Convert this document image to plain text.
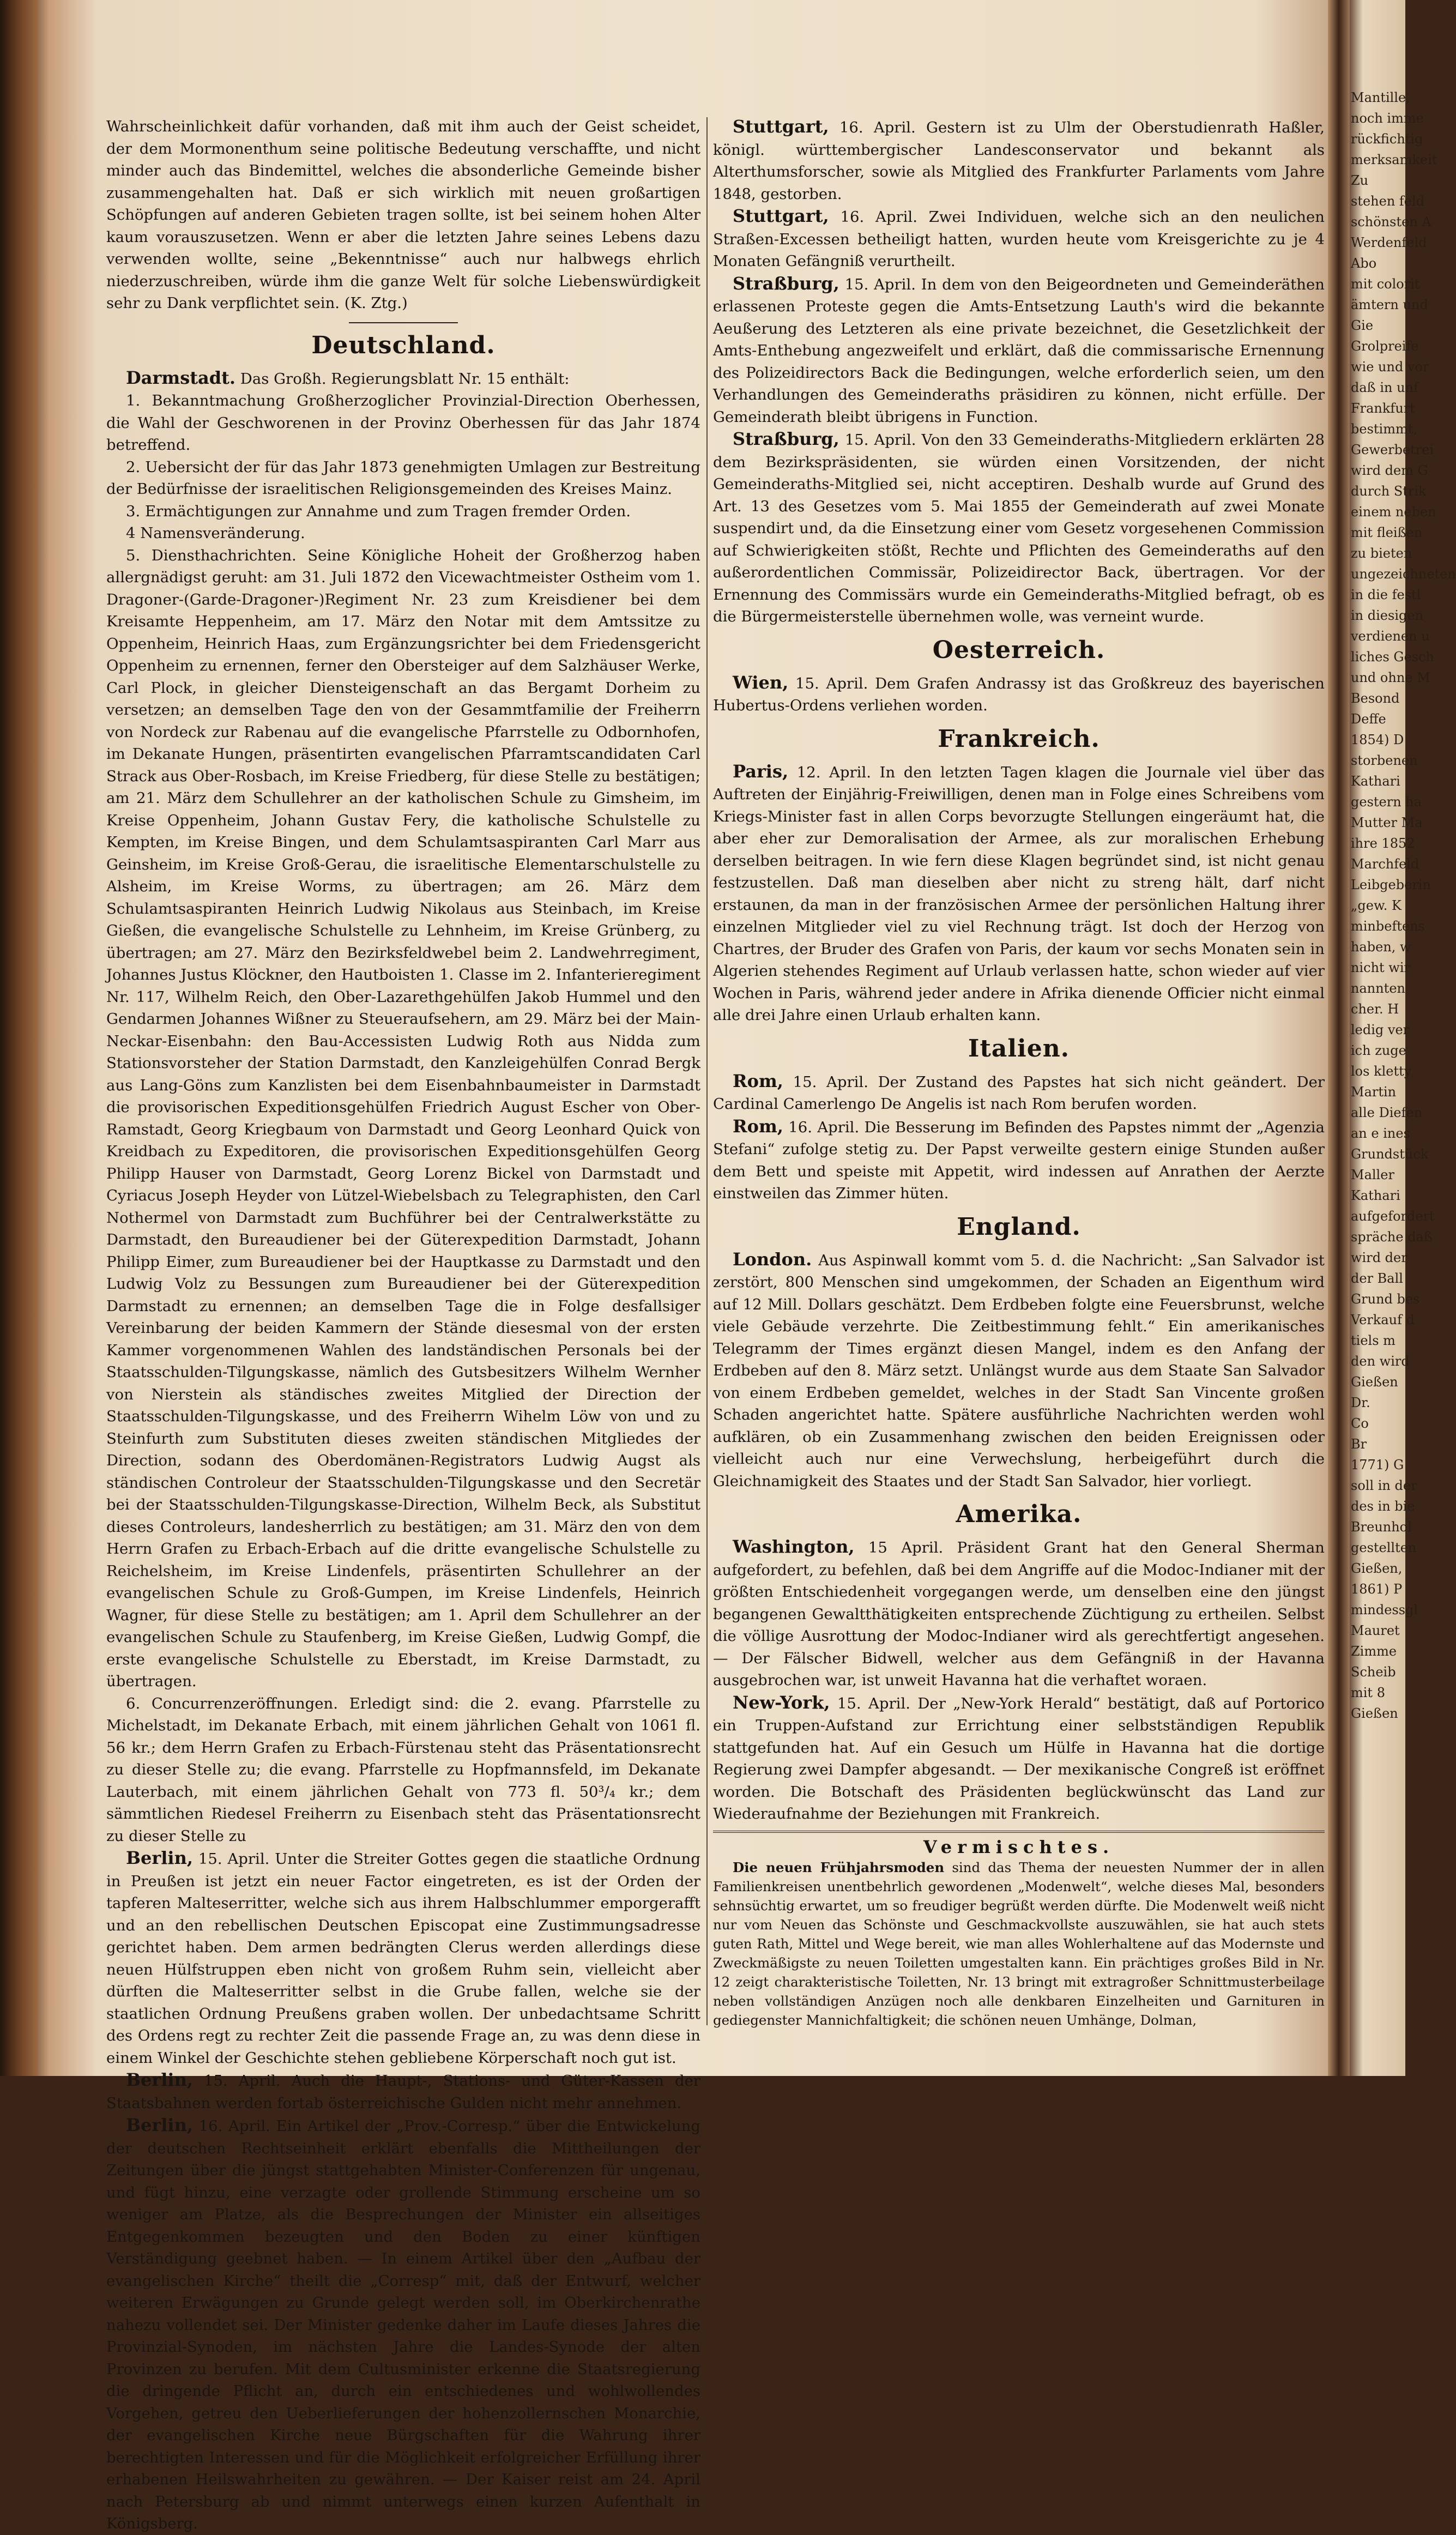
Wahrscheinlichkeit dafür vorhanden, daß mit ihm auch der Geist scheidet, der dem Mormonenthum seine politische Bedeutung verschaffte, und nicht minder auch das Bindemittel, welches die absonderliche Gemeinde bisher zusammengehalten hat. Daß er sich wirklich mit neuen großartigen Schöpfungen auf anderen Gebieten tragen sollte, ist bei seinem hohen Alter kaum vorauszusetzen. Wenn er aber die letzten Jahre seines Lebens dazu verwenden wollte, seine „Bekenntnisse“ auch nur halbwegs ehrlich niederzuschreiben, würde ihm die ganze Welt für solche Liebenswürdigkeit sehr zu Dank verpflichtet sein. (K. Ztg.)

Deutschland.

Darmstadt. Das Großh. Regierungsblatt Nr. 15 enthält:

1. Bekanntmachung Großherzoglicher Provinzial-Direction Oberhessen, die Wahl der Geschworenen in der Provinz Oberhessen für das Jahr 1874 betreffend.

2. Uebersicht der für das Jahr 1873 genehmigten Umlagen zur Bestreitung der Bedürfnisse der israelitischen Religionsgemeinden des Kreises Mainz.

3. Ermächtigungen zur Annahme und zum Tragen fremder Orden.

4 Namensveränderung.

5. Diensthachrichten. Seine Königliche Hoheit der Großherzog haben allergnädigst geruht: am 31. Juli 1872 den Vicewachtmeister Ostheim vom 1. Dragoner-(Garde-Dragoner-)Regiment Nr. 23 zum Kreisdiener bei dem Kreisamte Heppenheim, am 17. März den Notar mit dem Amtssitze zu Oppenheim, Heinrich Haas, zum Ergänzungsrichter bei dem Friedensgericht Oppenheim zu ernennen, ferner den Obersteiger auf dem Salzhäuser Werke, Carl Plock, in gleicher Diensteigenschaft an das Bergamt Dorheim zu versetzen; an demselben Tage den von der Gesammtfamilie der Freiherrn von Nordeck zur Rabenau auf die evangelische Pfarrstelle zu Odbornhofen, im Dekanate Hungen, präsentirten evangelischen Pfarramtscandidaten Carl Strack aus Ober-Rosbach, im Kreise Friedberg, für diese Stelle zu bestätigen; am 21. März dem Schullehrer an der katholischen Schule zu Gimsheim, im Kreise Oppenheim, Johann Gustav Fery, die katholische Schulstelle zu Kempten, im Kreise Bingen, und dem Schulamtsaspiranten Carl Marr aus Geinsheim, im Kreise Groß-Gerau, die israelitische Elementarschulstelle zu Alsheim, im Kreise Worms, zu übertragen; am 26. März dem Schulamtsaspiranten Heinrich Ludwig Nikolaus aus Steinbach, im Kreise Gießen, die evangelische Schulstelle zu Lehnheim, im Kreise Grünberg, zu übertragen; am 27. März den Bezirksfeldwebel beim 2. Landwehrregiment, Johannes Justus Klöckner, den Hautboisten 1. Classe im 2. Infanterieregiment Nr. 117, Wilhelm Reich, den Ober-Lazarethgehülfen Jakob Hummel und den Gendarmen Johannes Wißner zu Steueraufsehern, am 29. März bei der Main-Neckar-Eisenbahn: den Bau-Accessisten Ludwig Roth aus Nidda zum Stationsvorsteher der Station Darmstadt, den Kanzleigehülfen Conrad Bergk aus Lang-Göns zum Kanzlisten bei dem Eisenbahnbaumeister in Darmstadt die provisorischen Expeditionsgehülfen Friedrich August Escher von Ober-Ramstadt, Georg Kriegbaum von Darmstadt und Georg Leonhard Quick von Kreidbach zu Expeditoren, die provisorischen Expeditionsgehülfen Georg Philipp Hauser von Darmstadt, Georg Lorenz Bickel von Darmstadt und Cyriacus Joseph Heyder von Lützel-Wiebelsbach zu Telegraphisten, den Carl Nothermel von Darmstadt zum Buchführer bei der Centralwerkstätte zu Darmstadt, den Bureaudiener bei der Güterexpedition Darmstadt, Johann Philipp Eimer, zum Bureaudiener bei der Hauptkasse zu Darmstadt und den Ludwig Volz zu Bessungen zum Bureaudiener bei der Güterexpedition Darmstadt zu ernennen; an demselben Tage die in Folge desfallsiger Vereinbarung der beiden Kammern der Stände diesesmal von der ersten Kammer vorgenommenen Wahlen des landständischen Personals bei der Staatsschulden-Tilgungskasse, nämlich des Gutsbesitzers Wilhelm Wernher von Nierstein als ständisches zweites Mitglied der Direction der Staatsschulden-Tilgungskasse, und des Freiherrn Wihelm Löw von und zu Steinfurth zum Substituten dieses zweiten ständischen Mitgliedes der Direction, sodann des Oberdomänen-Registrators Ludwig Augst als ständischen Controleur der Staatsschulden-Tilgungskasse und den Secretär bei der Staatsschulden-Tilgungskasse-Direction, Wilhelm Beck, als Substitut dieses Controleurs, landesherrlich zu bestätigen; am 31. März den von dem Herrn Grafen zu Erbach-Erbach auf die dritte evangelische Schulstelle zu Reichelsheim, im Kreise Lindenfels, präsentirten Schullehrer an der evangelischen Schule zu Groß-Gumpen, im Kreise Lindenfels, Heinrich Wagner, für diese Stelle zu bestätigen; am 1. April dem Schullehrer an der evangelischen Schule zu Staufenberg, im Kreise Gießen, Ludwig Gompf, die erste evangelische Schulstelle zu Eberstadt, im Kreise Darmstadt, zu übertragen.

6. Concurrenzeröffnungen. Erledigt sind: die 2. evang. Pfarrstelle zu Michelstadt, im Dekanate Erbach, mit einem jährlichen Gehalt von 1061 fl. 56 kr.; dem Herrn Grafen zu Erbach-Fürstenau steht das Präsentationsrecht zu dieser Stelle zu; die evang. Pfarrstelle zu Hopfmannsfeld, im Dekanate Lauterbach, mit einem jährlichen Gehalt von 773 fl. 50³/₄ kr.; dem sämmtlichen Riedesel Freiherrn zu Eisenbach steht das Präsentationsrecht zu dieser Stelle zu

Berlin, 15. April. Unter die Streiter Gottes gegen die staatliche Ordnung in Preußen ist jetzt ein neuer Factor eingetreten, es ist der Orden der tapferen Malteserritter, welche sich aus ihrem Halbschlummer emporgerafft und an den rebellischen Deutschen Episcopat eine Zustimmungsadresse gerichtet haben. Dem armen bedrängten Clerus werden allerdings diese neuen Hülfstruppen eben nicht von großem Ruhm sein, vielleicht aber dürften die Malteserritter selbst in die Grube fallen, welche sie der staatlichen Ordnung Preußens graben wollen. Der unbedachtsame Schritt des Ordens regt zu rechter Zeit die passende Frage an, zu was denn diese in einem Winkel der Geschichte stehen gebliebene Körperschaft noch gut ist.

Berlin, 15. April. Auch die Haupt-, Stations- und Güter-Kassen der Staatsbahnen werden fortab österreichische Gulden nicht mehr annehmen.

Berlin, 16. April. Ein Artikel der „Prov.-Corresp.“ über die Entwickelung der deutschen Rechtseinheit erklärt ebenfalls die Mittheilungen der Zeitungen über die jüngst stattgehabten Minister-Conferenzen für ungenau, und fügt hinzu, eine verzagte oder grollende Stimmung erscheine um so weniger am Platze, als die Besprechungen der Minister ein allseitiges Entgegenkommen bezeugten und den Boden zu einer künftigen Verständigung geebnet haben. — In einem Artikel über den „Aufbau der evangelischen Kirche“ theilt die „Corresp“ mit, daß der Entwurf, welcher weiteren Erwägungen zu Grunde gelegt werden soll, im Oberkirchenrathe nahezu vollendet sei. Der Minister gedenke daher im Laufe dieses Jahres die Provinzial-Synoden, im nächsten Jahre die Landes-Synode der alten Provinzen zu berufen. Mit dem Cultusminister erkenne die Staatsregierung die dringende Pflicht an, durch ein entschiedenes und wohlwollendes Vorgehen, getreu den Ueberlieferungen der hohenzollernschen Monarchie, der evangelischen Kirche neue Bürgschaften für die Wahrung ihrer berechtigten Interessen und für die Möglichkeit erfolgreicher Erfüllung ihrer erhabenen Heilswahrheiten zu gewähren. — Der Kaiser reist am 24. April nach Petersburg ab und nimmt unterwegs einen kurzen Aufenthalt in Königsberg.

Stuttgart, 16. April. Gestern ist zu Ulm der Oberstudienrath Haßler, königl. württembergischer Landesconservator und bekannt als Alterthumsforscher, sowie als Mitglied des Frankfurter Parlaments vom Jahre 1848, gestorben.

Stuttgart, 16. April. Zwei Individuen, welche sich an den neulichen Straßen-Excessen betheiligt hatten, wurden heute vom Kreisgerichte zu je 4 Monaten Gefängniß verurtheilt.

Straßburg, 15. April. In dem von den Beigeordneten und Gemeinderäthen erlassenen Proteste gegen die Amts-Entsetzung Lauth's wird die bekannte Aeußerung des Letzteren als eine private bezeichnet, die Gesetzlichkeit der Amts-Enthebung angezweifelt und erklärt, daß die commissarische Ernennung des Polizeidirectors Back die Bedingungen, welche erforderlich seien, um den Verhandlungen des Gemeinderaths präsidiren zu können, nicht erfülle. Der Gemeinderath bleibt übrigens in Function.

Straßburg, 15. April. Von den 33 Gemeinderaths-Mitgliedern erklärten 28 dem Bezirkspräsidenten, sie würden einen Vorsitzenden, der nicht Gemeinderaths-Mitglied sei, nicht acceptiren. Deshalb wurde auf Grund des Art. 13 des Gesetzes vom 5. Mai 1855 der Gemeinderath auf zwei Monate suspendirt und, da die Einsetzung einer vom Gesetz vorgesehenen Commission auf Schwierigkeiten stößt, Rechte und Pflichten des Gemeinderaths auf den außerordentlichen Commissär, Polizeidirector Back, übertragen. Vor der Ernennung des Commissärs wurde ein Gemeinderaths-Mitglied befragt, ob es die Bürgermeisterstelle übernehmen wolle, was verneint wurde.

Oesterreich.

Wien, 15. April. Dem Grafen Andrassy ist das Großkreuz des bayerischen Hubertus-Ordens verliehen worden.

Frankreich.

Paris, 12. April. In den letzten Tagen klagen die Journale viel über das Auftreten der Einjährig-Freiwilligen, denen man in Folge eines Schreibens vom Kriegs-Minister fast in allen Corps bevorzugte Stellungen eingeräumt hat, die aber eher zur Demoralisation der Armee, als zur moralischen Erhebung derselben beitragen. In wie fern diese Klagen begründet sind, ist nicht genau festzustellen. Daß man dieselben aber nicht zu streng hält, darf nicht erstaunen, da man in der französischen Armee der persönlichen Haltung ihrer einzelnen Mitglieder viel zu viel Rechnung trägt. Ist doch der Herzog von Chartres, der Bruder des Grafen von Paris, der kaum vor sechs Monaten sein in Algerien stehendes Regiment auf Urlaub verlassen hatte, schon wieder auf vier Wochen in Paris, während jeder andere in Afrika dienende Officier nicht einmal alle drei Jahre einen Urlaub erhalten kann.

Italien.

Rom, 15. April. Der Zustand des Papstes hat sich nicht geändert. Der Cardinal Camerlengo De Angelis ist nach Rom berufen worden.

Rom, 16. April. Die Besserung im Befinden des Papstes nimmt der „Agenzia Stefani“ zufolge stetig zu. Der Papst verweilte gestern einige Stunden außer dem Bett und speiste mit Appetit, wird indessen auf Anrathen der Aerzte einstweilen das Zimmer hüten.

England.

London. Aus Aspinwall kommt vom 5. d. die Nachricht: „San Salvador ist zerstört, 800 Menschen sind umgekommen, der Schaden an Eigenthum wird auf 12 Mill. Dollars geschätzt. Dem Erdbeben folgte eine Feuersbrunst, welche viele Gebäude verzehrte. Die Zeitbestimmung fehlt.“ Ein amerikanisches Telegramm der Times ergänzt diesen Mangel, indem es den Anfang der Erdbeben auf den 8. März setzt. Unlängst wurde aus dem Staate San Salvador von einem Erdbeben gemeldet, welches in der Stadt San Vincente großen Schaden angerichtet hatte. Spätere ausführliche Nachrichten werden wohl aufklären, ob ein Zusammenhang zwischen den beiden Ereignissen oder vielleicht auch nur eine Verwechslung, herbeigeführt durch die Gleichnamigkeit des Staates und der Stadt San Salvador, hier vorliegt.

Amerika.

Washington, 15 April. Präsident Grant hat den General Sherman aufgefordert, zu befehlen, daß bei dem Angriffe auf die Modoc-Indianer mit der größten Entschiedenheit vorgegangen werde, um denselben eine den jüngst begangenen Gewaltthätigkeiten entsprechende Züchtigung zu ertheilen. Selbst die völlige Ausrottung der Modoc-Indianer wird als gerechtfertigt angesehen. — Der Fälscher Bidwell, welcher aus dem Gefängniß in der Havanna ausgebrochen war, ist unweit Havanna hat die verhaftet woraen.

New-York, 15. April. Der „New-York Herald“ bestätigt, daß auf Portorico ein Truppen-Aufstand zur Errichtung einer selbstständigen Republik stattgefunden hat. Auf ein Gesuch um Hülfe in Havanna hat die dortige Regierung zwei Dampfer abgesandt. — Der mexikanische Congreß ist eröffnet worden. Die Botschaft des Präsidenten beglückwünscht das Land zur Wiederaufnahme der Beziehungen mit Frankreich.

Vermischtes.

Die neuen Frühjahrsmoden sind das Thema der neuesten Nummer der in allen Familienkreisen unentbehrlich gewordenen „Modenwelt“, welche dieses Mal, besonders sehnsüchtig erwartet, um so freudiger begrüßt werden dürfte. Die Modenwelt weiß nicht nur vom Neuen das Schönste und Geschmackvollste auszuwählen, sie hat auch stets guten Rath, Mittel und Wege bereit, wie man alles Wohlerhaltene auf das Modernste und Zweckmäßigste zu neuen Toiletten umgestalten kann. Ein prächtiges großes Bild in Nr. 12 zeigt charakteristische Toiletten, Nr. 13 bringt mit extragroßer Schnittmusterbeilage neben vollständigen Anzügen noch alle denkbaren Einzelheiten und Garnituren in gediegenster Mannichfaltigkeit; die schönen neuen Umhänge, Dolman,

Mantille,
noch imme
rückfichtig
merksamkeit
Zu
stehen feld
schönsten A
Werdenfeld
Abo
mit colorit
ämtern und
Gie
Grolpreife
wie und vor
daß in unf
Frankfurt
bestimmt,
Gewerbetrei
wird dem G
durch Strik
einem neben
mit fleißen
zu bieten
ungezeichneten
in die festl
in diesigen
verdienen u
liches Gesch
und ohne M
Besond
Deffe
1854) D
storbenen
Kathari
gestern ha
Mutter Ma
ihre 1852
Marchfeld
Leibgeberin
„gew. K
minbeftens
haben, w
nicht wir
nannten
cher. H
ledig ver
ich zuge
los kletty
Martin
alle Diefen
an e ines
Grundstück
Maller
Kathari
aufgefordert
spräche daß
wird der
der Ball
Grund bes
Verkauf d
tiels m
den wird
Gießen
Dr.
Co
Br
1771) G
soll in der
des in bie
Breunhol
gestellten
Gießen,
1861) P
mindessgl
Mauret
Zimme
Scheib
mit 8
Gießen
